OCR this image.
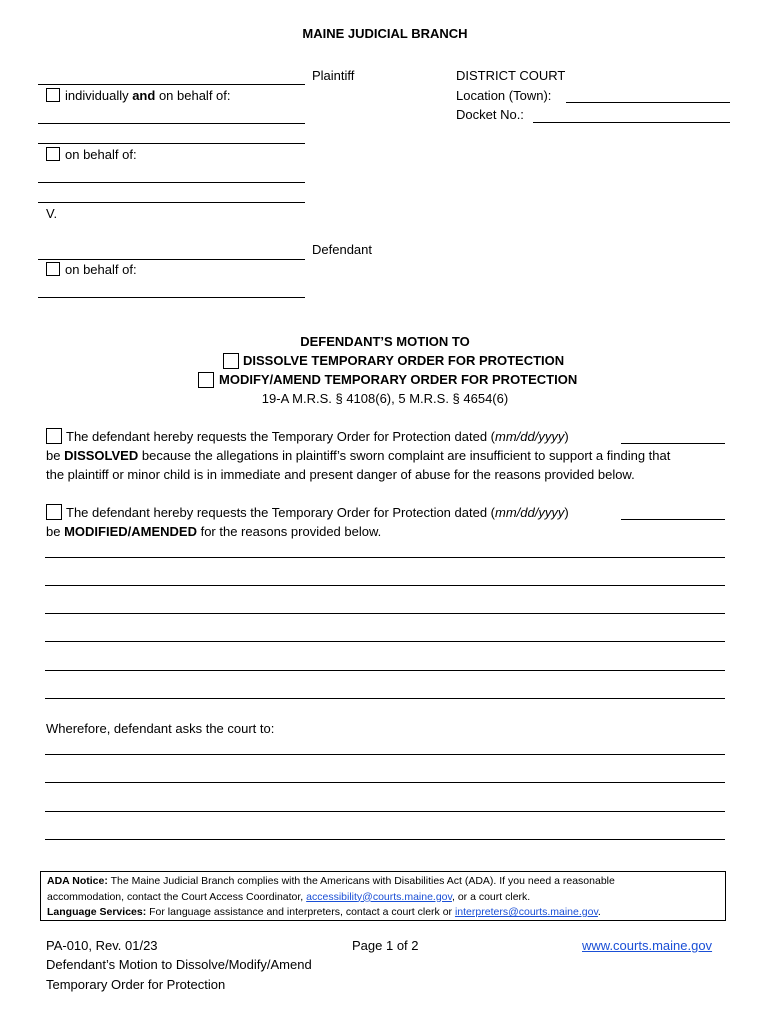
MAINE JUDICIAL BRANCH
Plaintiff
individually and on behalf of:
on behalf of:
V.
Defendant
on behalf of:
DISTRICT COURT
Location (Town):
Docket No.:
DEFENDANT’S MOTION TO
DISSOLVE TEMPORARY ORDER FOR PROTECTION
MODIFY/AMEND TEMPORARY ORDER FOR PROTECTION
19-A M.R.S. § 4108(6), 5 M.R.S. § 4654(6)
The defendant hereby requests the Temporary Order for Protection dated (mm/dd/yyyy)
be DISSOLVED because the allegations in plaintiff’s sworn complaint are insufficient to support a finding that
the plaintiff or minor child is in immediate and present danger of abuse for the reasons provided below.
The defendant hereby requests the Temporary Order for Protection dated (mm/dd/yyyy)
be MODIFIED/AMENDED for the reasons provided below.
Wherefore, defendant asks the court to:
ADA Notice: The Maine Judicial Branch complies with the Americans with Disabilities Act (ADA). If you need a reasonable
accommodation, contact the Court Access Coordinator, accessibility@courts.maine.gov, or a court clerk.
Language Services: For language assistance and interpreters, contact a court clerk or interpreters@courts.maine.gov.
PA-010, Rev. 01/23
Defendant’s Motion to Dissolve/Modify/Amend
Temporary Order for Protection
Page 1 of 2	www.courts.maine.gov
